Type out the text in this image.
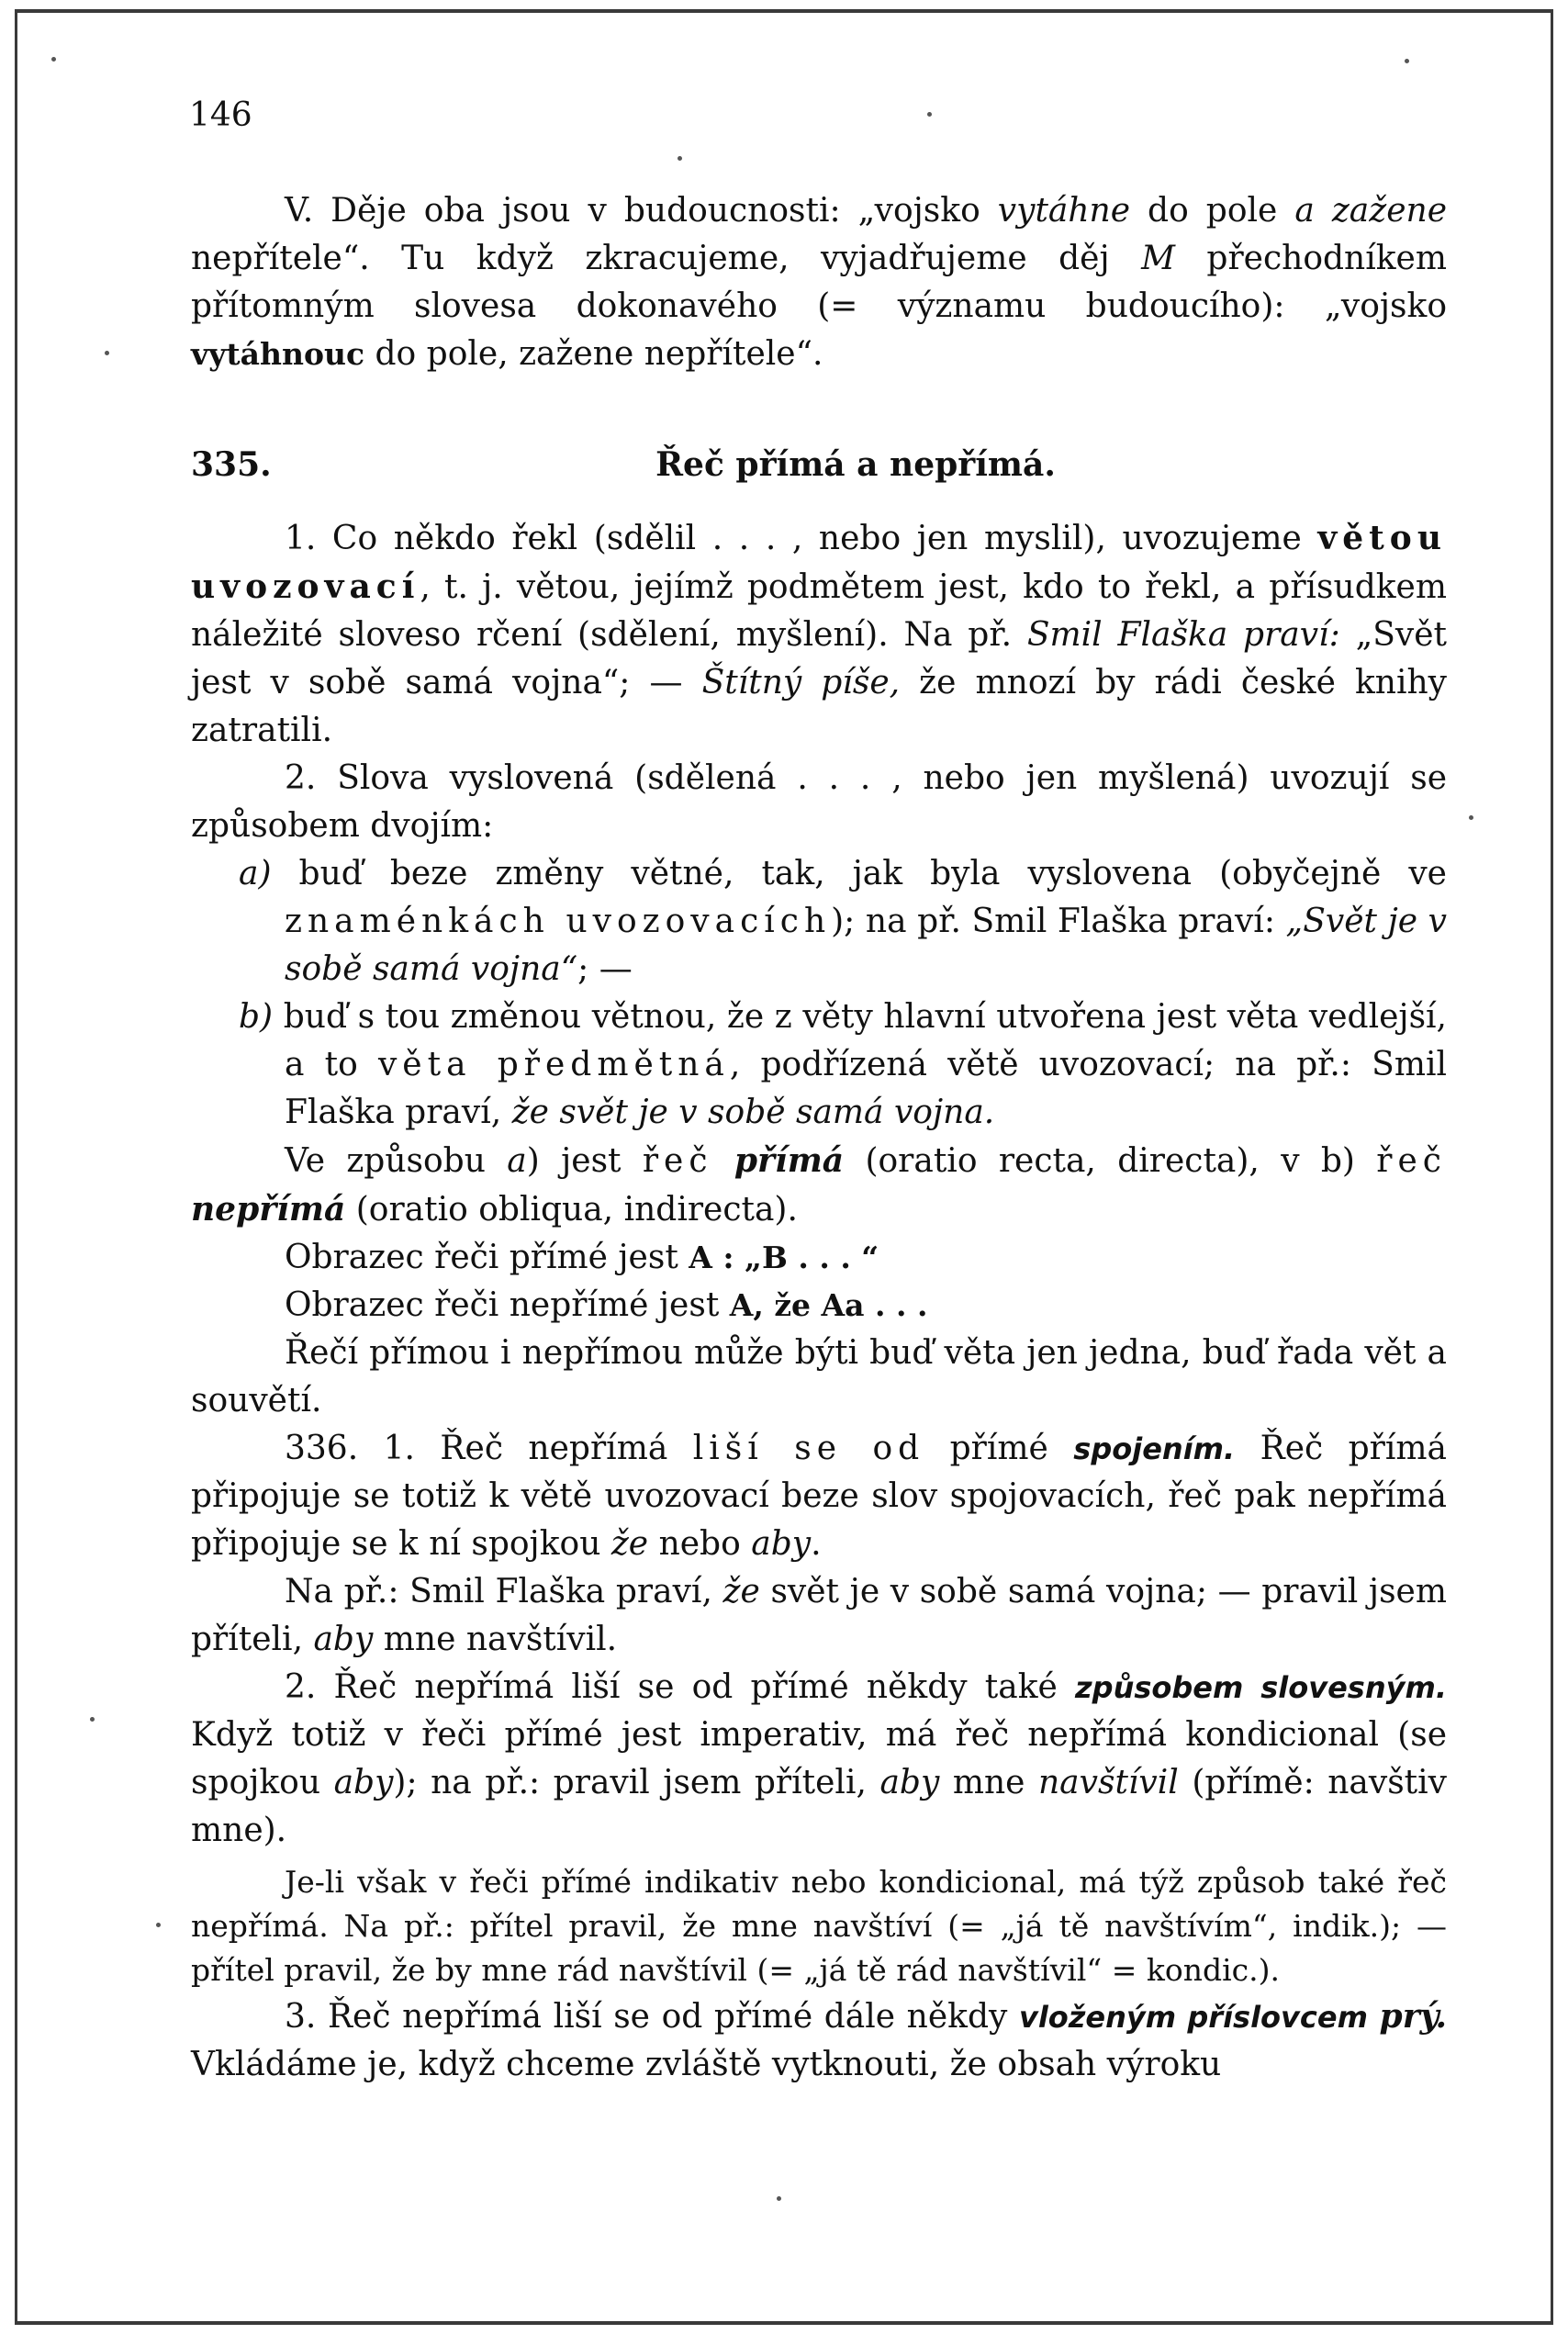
146

V. Děje oba jsou v budoucnosti: „vojsko vytáhne do pole a zažene nepřítele“. Tu když zkracujeme, vyjadřujeme děj M přechodníkem přítomným slovesa dokonavého (= významu budoucího): „vojsko vytáhnouc do pole, zažene nepřítele“.

335.	Řeč přímá a nepřímá.

1. Co někdo řekl (sdělil . . . , nebo jen myslil), uvozujeme větou uvozovací, t. j. větou, jejímž podmětem jest, kdo to řekl, a přísudkem náležité sloveso rčení (sdělení, myšlení). Na př. Smil Flaška praví: „Svět jest v sobě samá vojna“; — Štítný píše, že mnozí by rádi české knihy zatratili.

2. Slova vyslovená (sdělená . . . , nebo jen myšlená) uvozují se způsobem dvojím:

a) buď beze změny větné, tak, jak byla vyslovena (obyčejně ve znaménkách uvozovacích); na př. Smil Flaška praví: „Svět je v sobě samá vojna“; —

b) buď s tou změnou větnou, že z věty hlavní utvořena jest věta vedlejší, a to věta předmětná, podřízená větě uvozovací; na př.: Smil Flaška praví, že svět je v sobě samá vojna.

Ve způsobu a) jest řeč přímá (oratio recta, directa), v b) řeč nepřímá (oratio obliqua, indirecta).

Obrazec řeči přímé jest A : „B . . . “

Obrazec řeči nepřímé jest A, že Aa . . .

Řečí přímou i nepřímou může býti buď věta jen jedna, buď řada vět a souvětí.

336. 1. Řeč nepřímá liší se od přímé spojením. Řeč přímá připojuje se totiž k větě uvozovací beze slov spojovacích, řeč pak nepřímá připojuje se k ní spojkou že nebo aby.

Na př.: Smil Flaška praví, že svět je v sobě samá vojna; — pravil jsem příteli, aby mne navštívil.

2. Řeč nepřímá liší se od přímé někdy také způsobem slovesným. Když totiž v řeči přímé jest imperativ, má řeč nepřímá kondicional (se spojkou aby); na př.: pravil jsem příteli, aby mne navštívil (přímě: navštiv mne).

Je-li však v řeči přímé indikativ nebo kondicional, má týž způsob také řeč nepřímá. Na př.: přítel pravil, že mne navštíví (= „já tě navštívím“, indik.); — přítel pravil, že by mne rád navštívil (= „já tě rád navštívil“ = kondic.).

3. Řeč nepřímá liší se od přímé dále někdy vloženým příslovcem prý. Vkládáme je, když chceme zvláště vytknouti, že obsah výroku
